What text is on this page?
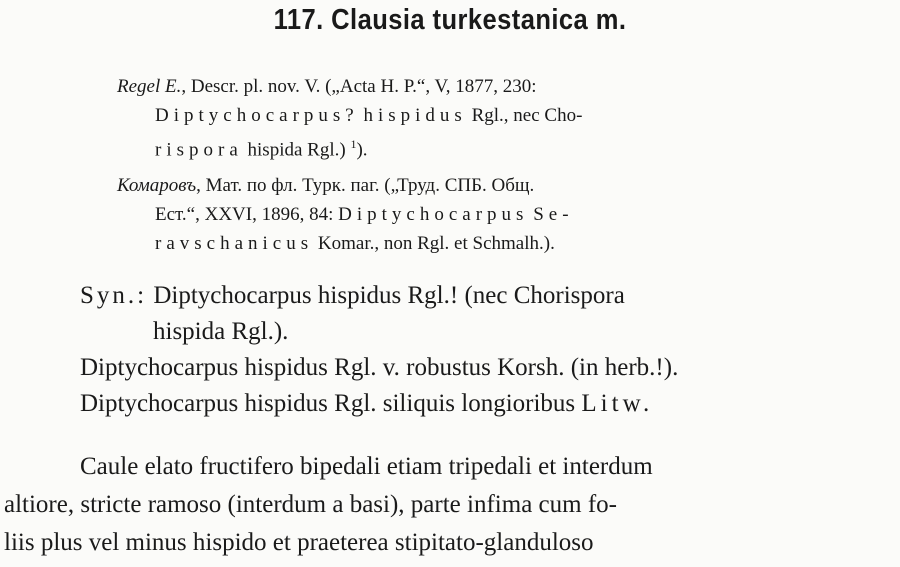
117. Clausia turkestanica m.
Regel E., Descr. pl. nov. V. („Acta H. P.“, V, 1877, 230:
Diptychocarpus? hispidus Rgl., nec Cho-
rispora hispida Rgl.) $^1$).
Комаровъ, Мат. по фл. Турк. паг. („Труд. СПБ. Общ.
Ест.“, XXVI, 1896, 84: Diptychocarpus Se-
ravschanicus Komar., non Rgl. et Schmalh.).
Syn.: Diptychocarpus hispidus Rgl.! (nec Chorispora
hispida Rgl.).
Diptychocarpus hispidus Rgl. v. robustus Korsh. (in herb.!).
Diptychocarpus hispidus Rgl. siliquis longioribus Litw.
Caule elato fructifero bipedali etiam tripedali et interdum
altiore, stricte ramoso (interdum a basi), parte infima cum fo-
liis plus vel minus hispido et praeterea stipitato-glanduloso
